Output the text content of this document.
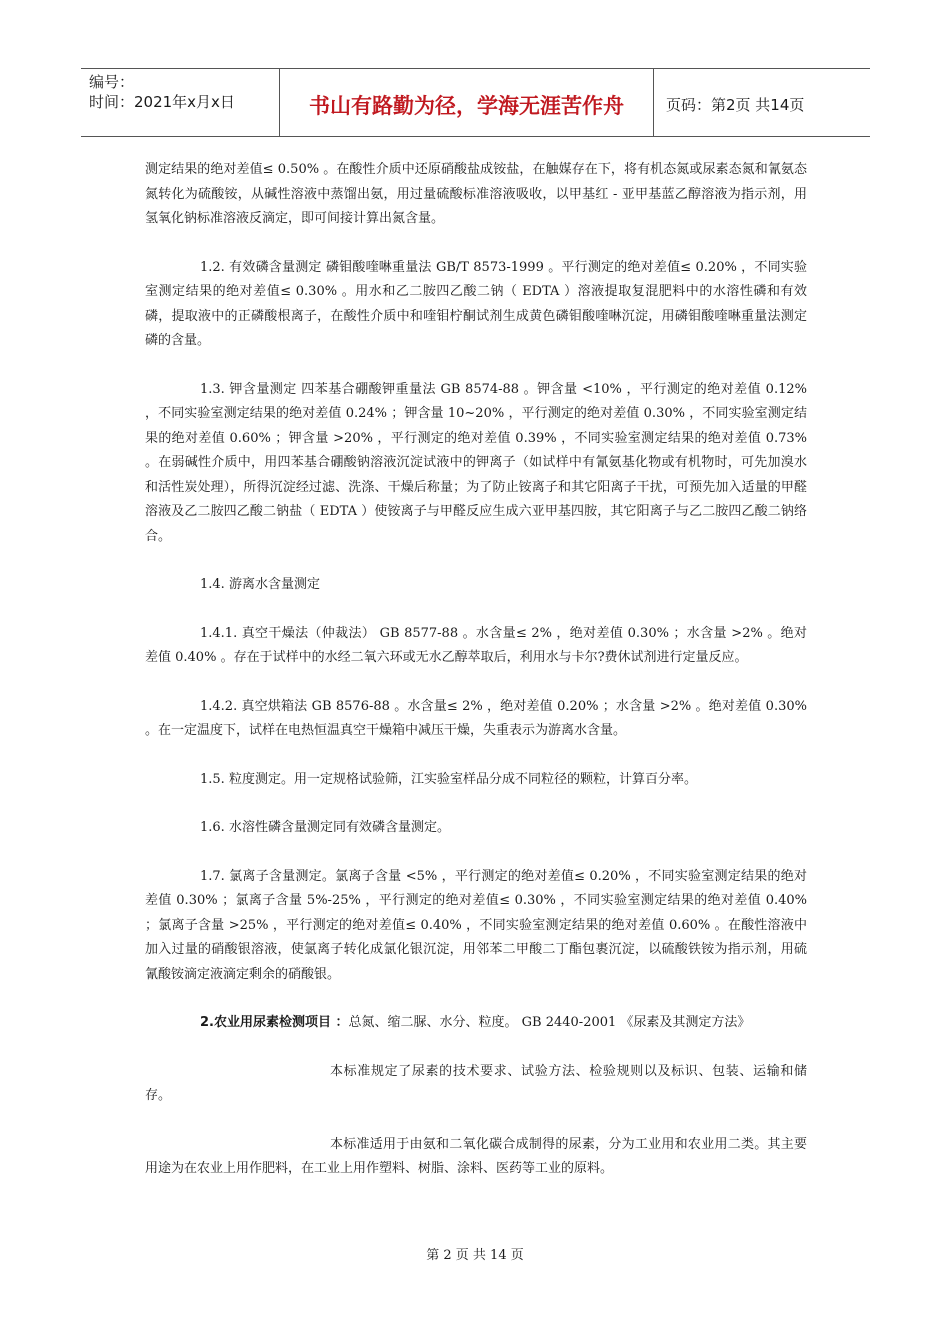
编号：
时间：2021年x月x日	书山有路勤为径，学海无涯苦作舟	页码：第2页 共14页

测定结果的绝对差值≤ 0.50% 。在酸性介质中还原硝酸盐成铵盐，在触媒存在下，将有机态氮或尿素态氮和氰氨态氮转化为硫酸铵，从碱性溶液中蒸馏出氨，用过量硫酸标准溶液吸收，以甲基红 - 亚甲基蓝乙醇溶液为指示剂，用氢氧化钠标准溶液反滴定，即可间接计算出氮含量。

1.2. 有效磷含量测定 磷钼酸喹啉重量法 GB/T 8573-1999 。平行测定的绝对差值≤ 0.20% ，不同实验室测定结果的绝对差值≤ 0.30% 。用水和乙二胺四乙酸二钠（ EDTA ）溶液提取复混肥料中的水溶性磷和有效磷，提取液中的正磷酸根离子，在酸性介质中和喹钼柠酮试剂生成黄色磷钼酸喹啉沉淀，用磷钼酸喹啉重量法测定磷的含量。

1.3. 钾含量测定 四苯基合硼酸钾重量法 GB 8574-88 。钾含量 <10% ，平行测定的绝对差值 0.12% ，不同实验室测定结果的绝对差值 0.24% ；钾含量 10~20% ，平行测定的绝对差值 0.30% ，不同实验室测定结果的绝对差值 0.60% ；钾含量 >20% ，平行测定的绝对差值 0.39% ，不同实验室测定结果的绝对差值 0.73% 。在弱碱性介质中，用四苯基合硼酸钠溶液沉淀试液中的钾离子（如试样中有氰氨基化物或有机物时，可先加溴水和活性炭处理），所得沉淀经过滤、洗涤、干燥后称量；为了防止铵离子和其它阳离子干扰，可预先加入适量的甲醛溶液及乙二胺四乙酸二钠盐（ EDTA ）使铵离子与甲醛反应生成六亚甲基四胺，其它阳离子与乙二胺四乙酸二钠络合。

1.4. 游离水含量测定

1.4.1. 真空干燥法（仲裁法） GB 8577-88 。水含量≤ 2% ，绝对差值 0.30% ；水含量 >2% 。绝对差值 0.40% 。存在于试样中的水经二氧六环或无水乙醇萃取后，利用水与卡尔?费休试剂进行定量反应。

1.4.2. 真空烘箱法 GB 8576-88 。水含量≤ 2% ，绝对差值 0.20% ；水含量 >2% 。绝对差值 0.30% 。在一定温度下，试样在电热恒温真空干燥箱中减压干燥，失重表示为游离水含量。

1.5. 粒度测定。用一定规格试验筛，江实验室样品分成不同粒径的颗粒，计算百分率。

1.6. 水溶性磷含量测定同有效磷含量测定。

1.7. 氯离子含量测定。氯离子含量 <5% ，平行测定的绝对差值≤ 0.20% ，不同实验室测定结果的绝对差值 0.30% ；氯离子含量 5%-25% ，平行测定的绝对差值≤ 0.30% ，不同实验室测定结果的绝对差值 0.40% ；氯离子含量 >25% ，平行测定的绝对差值≤ 0.40% ，不同实验室测定结果的绝对差值 0.60% 。在酸性溶液中加入过量的硝酸银溶液，使氯离子转化成氯化银沉淀，用邻苯二甲酸二丁酯包裹沉淀，以硫酸铁铵为指示剂，用硫氰酸铵滴定液滴定剩余的硝酸银。

2.农业用尿素检测项目 ：总氮、缩二脲、水分、粒度。 GB 2440-2001 《尿素及其测定方法》

本标准规定了尿素的技术要求、试验方法、检验规则以及标识、包装、运输和储存。

本标准适用于由氨和二氧化碳合成制得的尿素，分为工业用和农业用二类。其主要用途为在农业上用作肥料，在工业上用作塑料、树脂、涂料、医药等工业的原料。

第 2 页 共 14 页
